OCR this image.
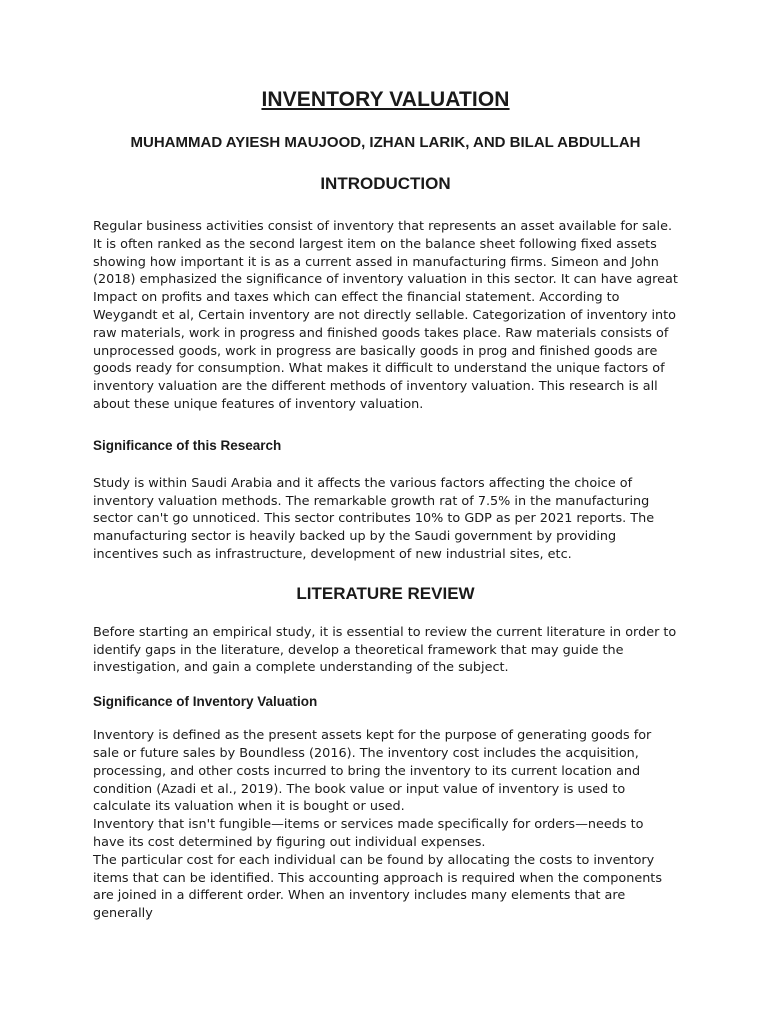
INVENTORY VALUATION
MUHAMMAD AYIESH MAUJOOD, IZHAN LARIK, AND BILAL ABDULLAH
INTRODUCTION

Regular business activities consist of inventory that represents an asset available for sale. It is often ranked as the second largest item on the balance sheet following fixed assets showing how important it is as a current assed in manufacturing firms. Simeon and John (2018) emphasized the significance of inventory valuation in this sector. It can have agreat Impact on profits and taxes which can effect the financial statement. According to Weygandt et al, Certain inventory are not directly sellable. Categorization of inventory into raw materials, work in progress and finished goods takes place. Raw materials consists of unprocessed goods, work in progress are basically goods in prog and finished goods are goods ready for consumption. What makes it difficult to understand the unique factors of inventory valuation are the different methods of inventory valuation. This research is all about these unique features of inventory valuation.

Significance of this Research

Study is within Saudi Arabia and it affects the various factors affecting the choice of inventory valuation methods. The remarkable growth rat of 7.5% in the manufacturing sector can't go unnoticed. This sector contributes 10% to GDP as per 2021 reports. The manufacturing sector is heavily backed up by the Saudi government by providing incentives such as infrastructure, development of new industrial sites, etc.

LITERATURE REVIEW

Before starting an empirical study, it is essential to review the current literature in order to identify gaps in the literature, develop a theoretical framework that may guide the investigation, and gain a complete understanding of the subject.

Significance of Inventory Valuation

Inventory is defined as the present assets kept for the purpose of generating goods for sale or future sales by Boundless (2016). The inventory cost includes the acquisition, processing, and other costs incurred to bring the inventory to its current location and condition (Azadi et al., 2019). The book value or input value of inventory is used to calculate its valuation when it is bought or used.

Inventory that isn't fungible—items or services made specifically for orders—needs to have its cost determined by figuring out individual expenses.

The particular cost for each individual can be found by allocating the costs to inventory items that can be identified. This accounting approach is required when the components are joined in a different order. When an inventory includes many elements that are generally
